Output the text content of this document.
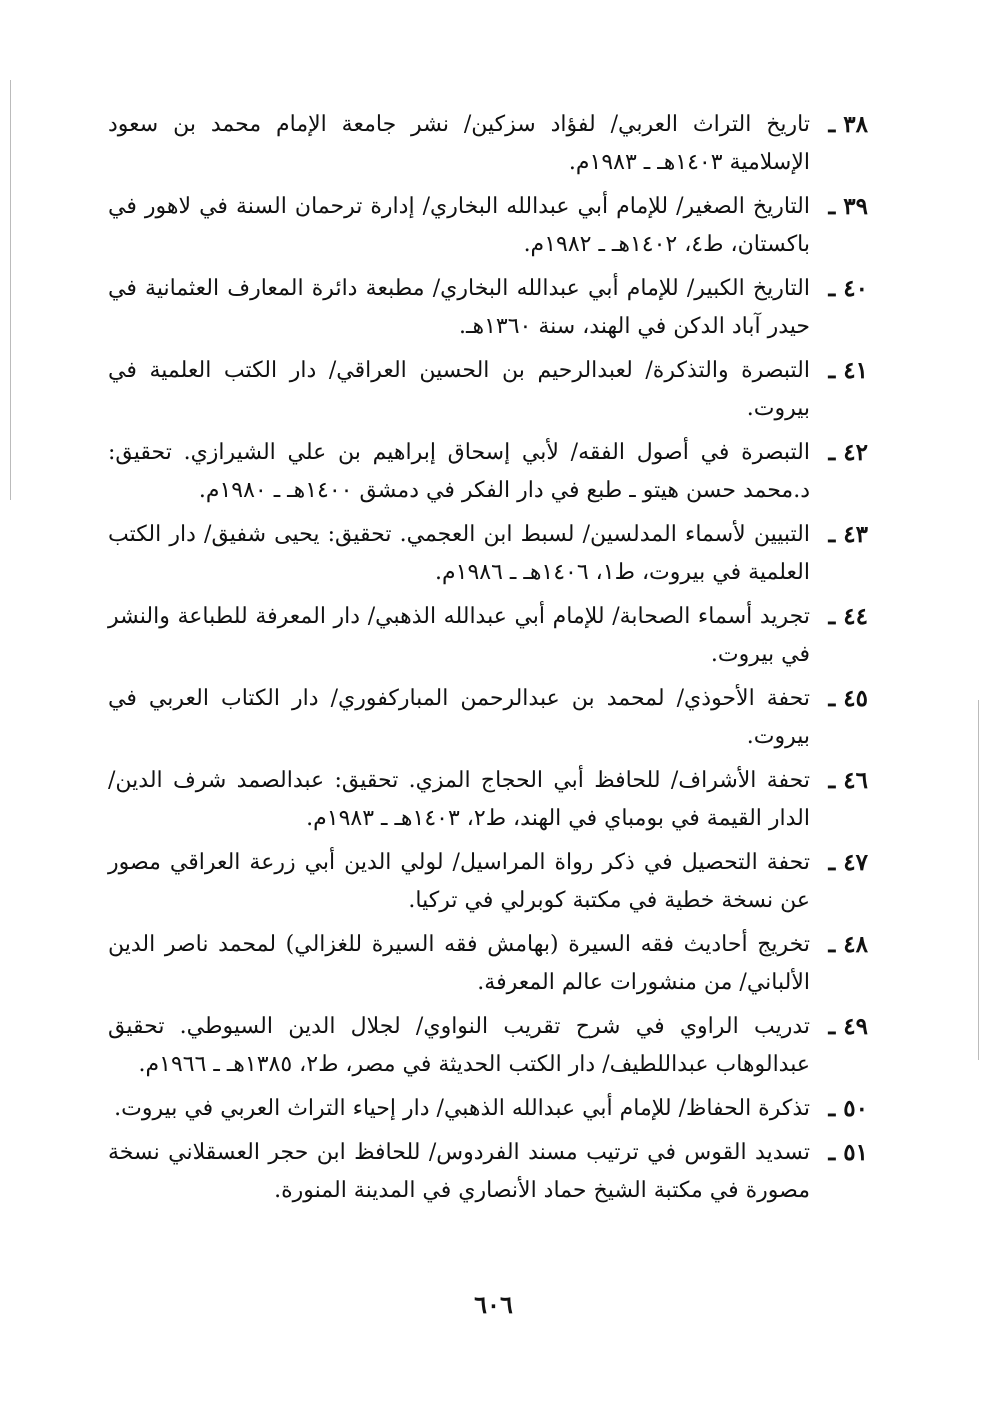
٣٨ ـ
تاريخ التراث العربي/ لفؤاد سزكين/ نشر جامعة الإمام محمد بن سعود الإسلامية ١٤٠٣هـ ـ ١٩٨٣م.
٣٩ ـ
التاريخ الصغير/ للإمام أبي عبدالله البخاري/ إدارة ترحمان السنة في لاهور في باكستان، ط٤، ١٤٠٢هـ ـ ١٩٨٢م.
٤٠ ـ
التاريخ الكبير/ للإمام أبي عبدالله البخاري/ مطبعة دائرة المعارف العثمانية في حيدر آباد الدكن في الهند، سنة ١٣٦٠هـ.
٤١ ـ
التبصرة والتذكرة/ لعبدالرحيم بن الحسين العراقي/ دار الكتب العلمية في بيروت.
٤٢ ـ
التبصرة في أصول الفقه/ لأبي إسحاق إبراهيم بن علي الشيرازي. تحقيق: د.محمد حسن هيتو ـ طبع في دار الفكر في دمشق ١٤٠٠هـ ـ ١٩٨٠م.
٤٣ ـ
التبيين لأسماء المدلسين/ لسبط ابن العجمي. تحقيق: يحيى شفيق/ دار الكتب العلمية في بيروت، ط١، ١٤٠٦هـ ـ ١٩٨٦م.
٤٤ ـ
تجريد أسماء الصحابة/ للإمام أبي عبدالله الذهبي/ دار المعرفة للطباعة والنشر في بيروت.
٤٥ ـ
تحفة الأحوذي/ لمحمد بن عبدالرحمن المباركفوري/ دار الكتاب العربي في بيروت.
٤٦ ـ
تحفة الأشراف/ للحافظ أبي الحجاج المزي. تحقيق: عبدالصمد شرف الدين/ الدار القيمة في بومباي في الهند، ط٢، ١٤٠٣هـ ـ ١٩٨٣م.
٤٧ ـ
تحفة التحصيل في ذكر رواة المراسيل/ لولي الدين أبي زرعة العراقي مصور عن نسخة خطية في مكتبة كوبرلي في تركيا.
٤٨ ـ
تخريج أحاديث فقه السيرة (بهامش فقه السيرة للغزالي) لمحمد ناصر الدين الألباني/ من منشورات عالم المعرفة.
٤٩ ـ
تدريب الراوي في شرح تقريب النواوي/ لجلال الدين السيوطي. تحقيق عبدالوهاب عبداللطيف/ دار الكتب الحديثة في مصر، ط٢، ١٣٨٥هـ ـ ١٩٦٦م.
٥٠ ـ
تذكرة الحفاظ/ للإمام أبي عبدالله الذهبي/ دار إحياء التراث العربي في بيروت.
٥١ ـ
تسديد القوس في ترتيب مسند الفردوس/ للحافظ ابن حجر العسقلاني نسخة مصورة في مكتبة الشيخ حماد الأنصاري في المدينة المنورة.
٦٠٦
